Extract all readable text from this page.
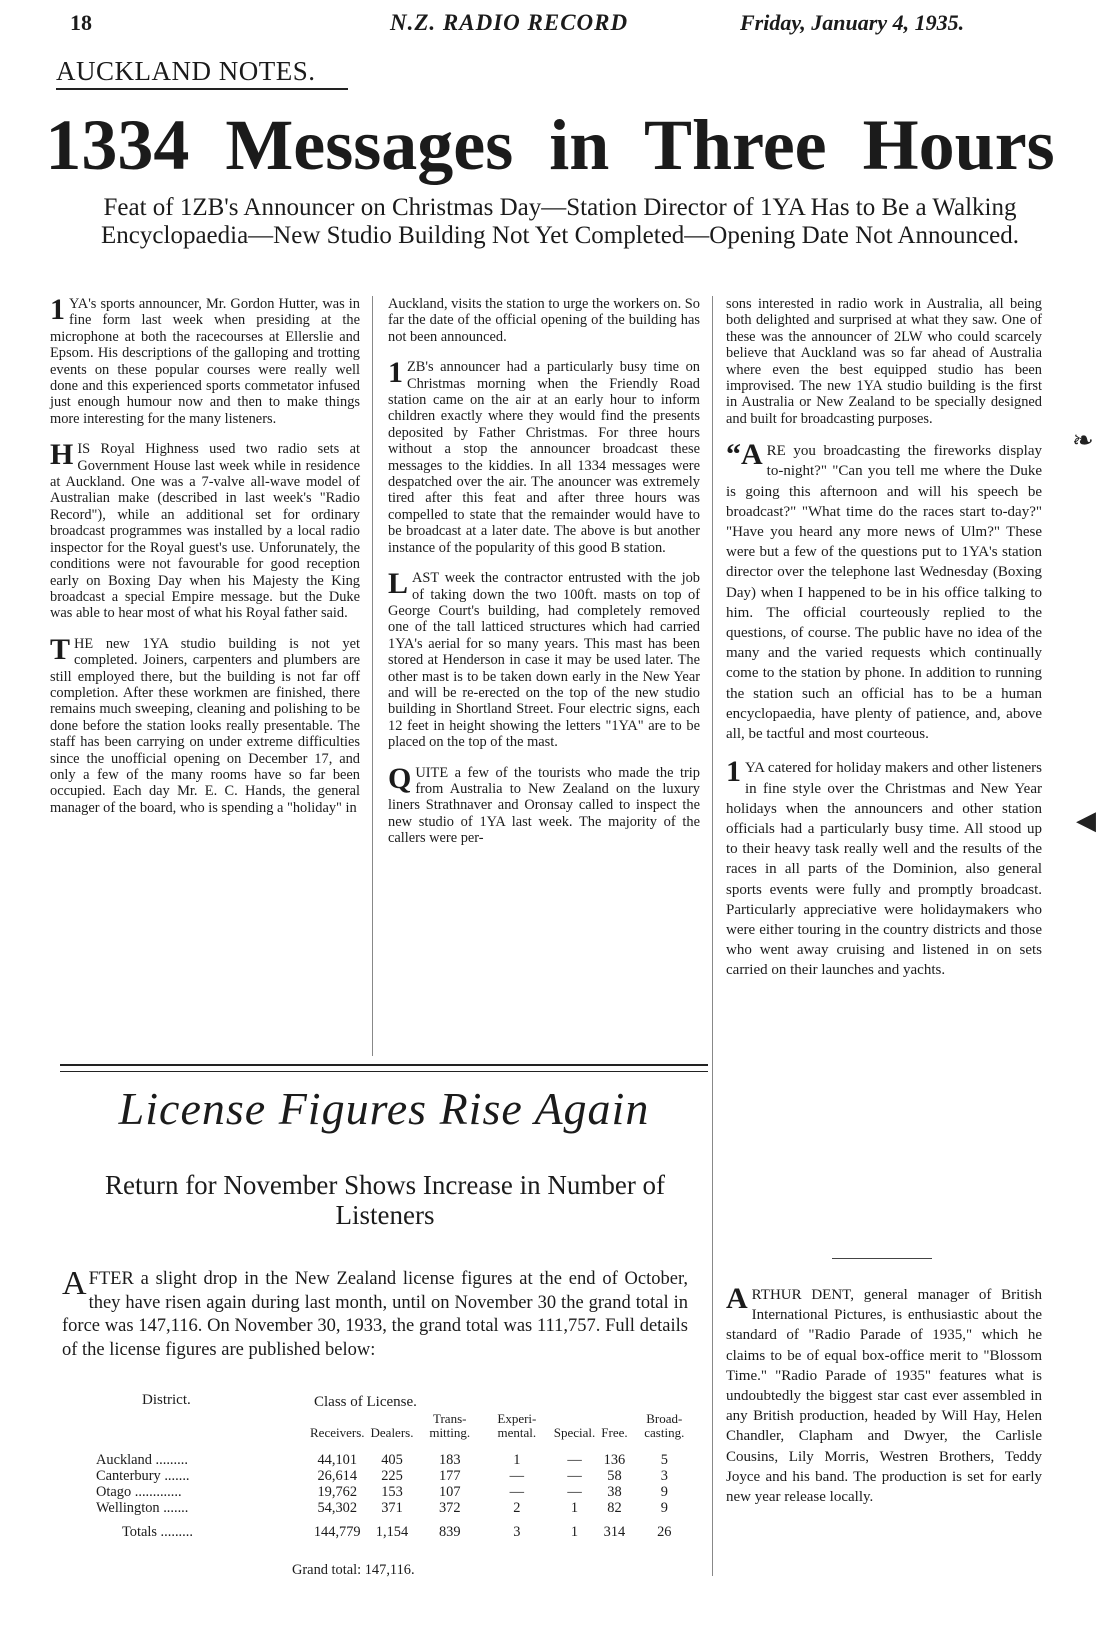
18	N.Z. RADIO RECORD	Friday, January 4, 1935.
AUCKLAND NOTES.
1334 Messages in Three Hours
Feat of 1ZB's Announcer on Christmas Day—Station Director of 1YA Has to Be a Walking Encyclopaedia—New Studio Building Not Yet Completed—Opening Date Not Announced.

1 YA's sports announcer, Mr. Gordon Hutter, was in fine form last week when presiding at the microphone at both the racecourses at Ellerslie and Epsom. His descriptions of the galloping and trotting events on these popular courses were really well done and this experienced sports commetator infused just enough humour now and then to make things more interesting for the many listeners.

HIS Royal Highness used two radio sets at Government House last week while in residence at Auckland. One was a 7-valve all-wave model of Australian make (described in last week's "Radio Record"), while an additional set for ordinary broadcast programmes was installed by a local radio inspector for the Royal guest's use. Unforunately, the conditions were not favourable for good reception early on Boxing Day when his Majesty the King broadcast a special Empire message. but the Duke was able to hear most of what his Royal father said.

THE new 1YA studio building is not yet completed. Joiners, carpenters and plumbers are still employed there, but the building is not far off completion. After these workmen are finished, there remains much sweeping, cleaning and polishing to be done before the station looks really presentable. The staff has been carrying on under extreme difficulties since the unofficial opening on December 17, and only a few of the many rooms have so far been occupied. Each day Mr. E. C. Hands, the general manager of the board, who is spending a "holiday" in

Auckland, visits the station to urge the workers on. So far the date of the official opening of the building has not been announced.

1 ZB's announcer had a particularly busy time on Christmas morning when the Friendly Road station came on the air at an early hour to inform children exactly where they would find the presents deposited by Father Christmas. For three hours without a stop the announcer broadcast these messages to the kiddies. In all 1334 messages were despatched over the air. The anouncer was extremely tired after this feat and after three hours was compelled to state that the remainder would have to be broadcast at a later date. The above is but another instance of the popularity of this good B station.

LAST week the contractor entrusted with the job of taking down the two 100ft. masts on top of George Court's building, had completely removed one of the tall latticed structures which had carried 1YA's aerial for so many years. This mast has been stored at Henderson in case it may be used later. The other mast is to be taken down early in the New Year and will be re-erected on the top of the new studio building in Shortland Street. Four electric signs, each 12 feet in height showing the letters "1YA" are to be placed on the top of the mast.

QUITE a few of the tourists who made the trip from Australia to New Zealand on the luxury liners Strathnaver and Oronsay called to inspect the new studio of 1YA last week. The majority of the callers were per-

sons interested in radio work in Australia, all being both delighted and surprised at what they saw. One of these was the announcer of 2LW who could scarcely believe that Auckland was so far ahead of Australia where even the best equipped studio has been improvised. The new 1YA studio building is the first in Australia or New Zealand to be specially designed and built for broadcasting purposes.

“ARE you broadcasting the fireworks display to-night?" "Can you tell me where the Duke is going this afternoon and will his speech be broadcast?" "What time do the races start to-day?" "Have you heard any more news of Ulm?" These were but a few of the questions put to 1YA's station director over the telephone last Wednesday (Boxing Day) when I happened to be in his office talking to him. The official courteously replied to the questions, of course. The public have no idea of the many and the varied requests which continually come to the station by phone. In addition to running the station such an official has to be a human encyclopaedia, have plenty of patience, and, above all, be tactful and most courteous.

1 YA catered for holiday makers and other listeners in fine style over the Christmas and New Year holidays when the announcers and other station officials had a particularly busy time. All stood up to their heavy task really well and the results of the races in all parts of the Dominion, also general sports events were fully and promptly broadcast. Particularly appreciative were holidaymakers who were either touring in the country districts and those who went away cruising and listened in on sets carried on their launches and yachts.

ARTHUR DENT, general manager of British International Pictures, is enthusiastic about the standard of "Radio Parade of 1935," which he claims to be of equal box-office merit to "Blossom Time." "Radio Parade of 1935" features what is undoubtedly the biggest star cast ever assembled in any British production, headed by Will Hay, Helen Chandler, Clapham and Dwyer, the Carlisle Cousins, Lily Morris, Westren Brothers, Teddy Joyce and his band. The production is set for early new year release locally.

License Figures Rise Again
Return for November Shows Increase in Number of Listeners
AFTER a slight drop in the New Zealand license figures at the end of October, they have risen again during last month, until on November 30 the grand total in force was 147,116. On November 30, 1933, the grand total was 111,757. Full details of the license figures are published below:
District.	Class of License.
	Receivers.	Dealers.	Trans-mitting.	Experi-mental.	Special.	Free.	Broad-casting.

Auckland .........	44,101	405	183	1	—	136	5
Canterbury .......	26,614	225	177	—	—	58	3
Otago .............	19,762	153	107	—	—	38	9
Wellington .......	54,302	371	372	2	1	82	9

Totals .........	144,779	1,154	839	3	1	314	26
Grand total: 147,116.
❧
◀
